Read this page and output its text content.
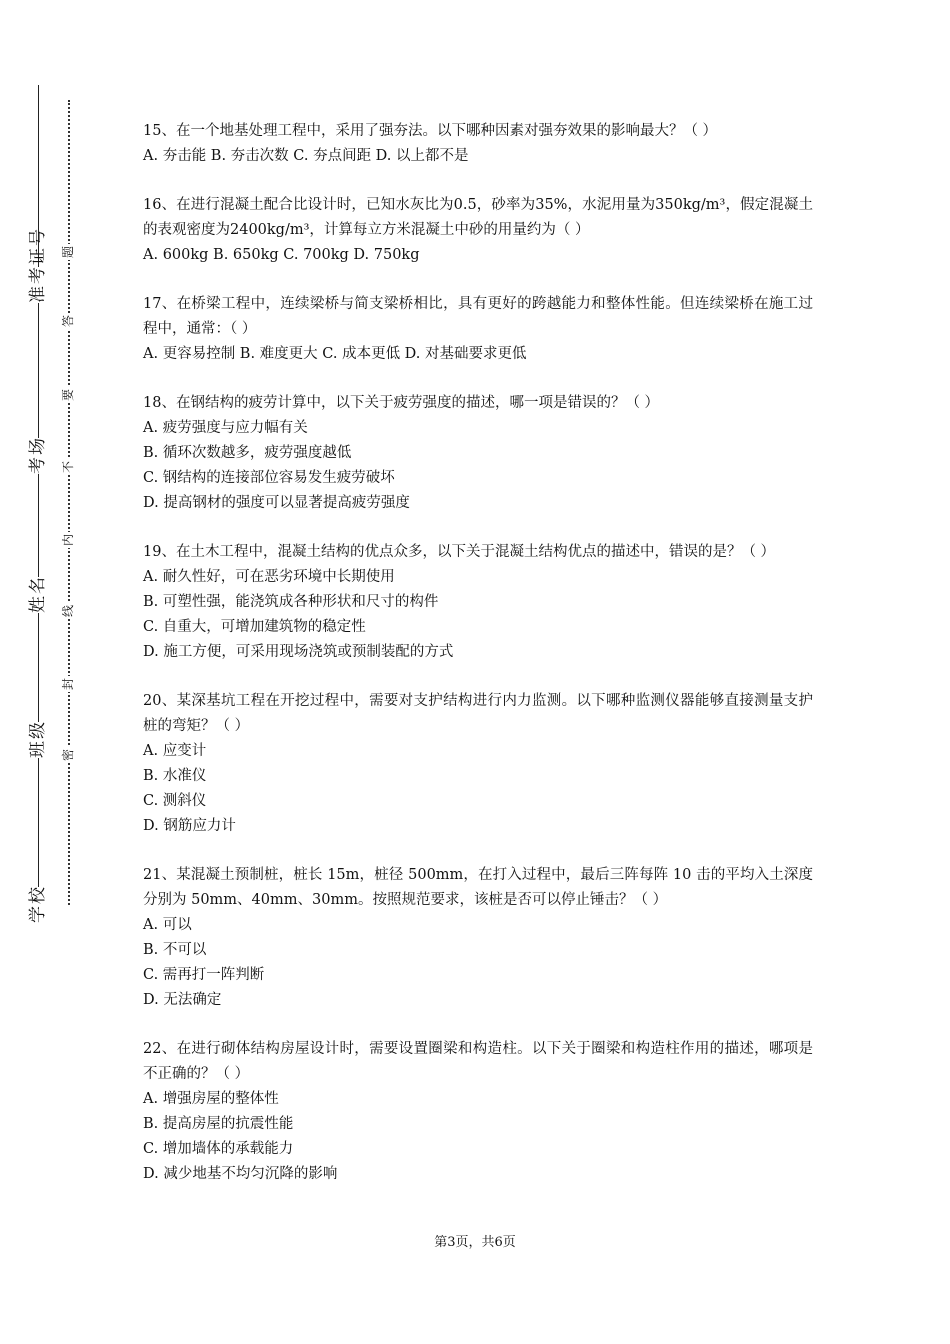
准考证号
考场
姓名
班级
学校
题
答
要
不
内
线
封
密

15、在一个地基处理工程中，采用了强夯法。以下哪种因素对强夯效果的影响最大？（ ）

A. 夯击能 B. 夯击次数 C. 夯点间距 D. 以上都不是

16、在进行混凝土配合比设计时，已知水灰比为0.5，砂率为35%，水泥用量为350kg/m³，假定混凝土的表观密度为2400kg/m³，计算每立方米混凝土中砂的用量约为（ ）

A. 600kg B. 650kg C. 700kg D. 750kg

17、在桥梁工程中，连续梁桥与简支梁桥相比，具有更好的跨越能力和整体性能。但连续梁桥在施工过程中，通常：（ ）

A. 更容易控制 B. 难度更大 C. 成本更低 D. 对基础要求更低

18、在钢结构的疲劳计算中，以下关于疲劳强度的描述，哪一项是错误的？（ ）

A. 疲劳强度与应力幅有关

B. 循环次数越多，疲劳强度越低

C. 钢结构的连接部位容易发生疲劳破坏

D. 提高钢材的强度可以显著提高疲劳强度

19、在土木工程中，混凝土结构的优点众多，以下关于混凝土结构优点的描述中，错误的是？（ ）

A. 耐久性好，可在恶劣环境中长期使用

B. 可塑性强，能浇筑成各种形状和尺寸的构件

C. 自重大，可增加建筑物的稳定性

D. 施工方便，可采用现场浇筑或预制装配的方式

20、某深基坑工程在开挖过程中，需要对支护结构进行内力监测。以下哪种监测仪器能够直接测量支护桩的弯矩？（ ）

A. 应变计

B. 水准仪

C. 测斜仪

D. 钢筋应力计

21、某混凝土预制桩，桩长 15m，桩径 500mm，在打入过程中，最后三阵每阵 10 击的平均入土深度分别为 50mm、40mm、30mm。按照规范要求，该桩是否可以停止锤击？（ ）

A. 可以

B. 不可以

C. 需再打一阵判断

D. 无法确定

22、在进行砌体结构房屋设计时，需要设置圈梁和构造柱。以下关于圈梁和构造柱作用的描述，哪项是不正确的？（ ）

A. 增强房屋的整体性

B. 提高房屋的抗震性能

C. 增加墙体的承载能力

D. 减少地基不均匀沉降的影响

第3页，共6页
